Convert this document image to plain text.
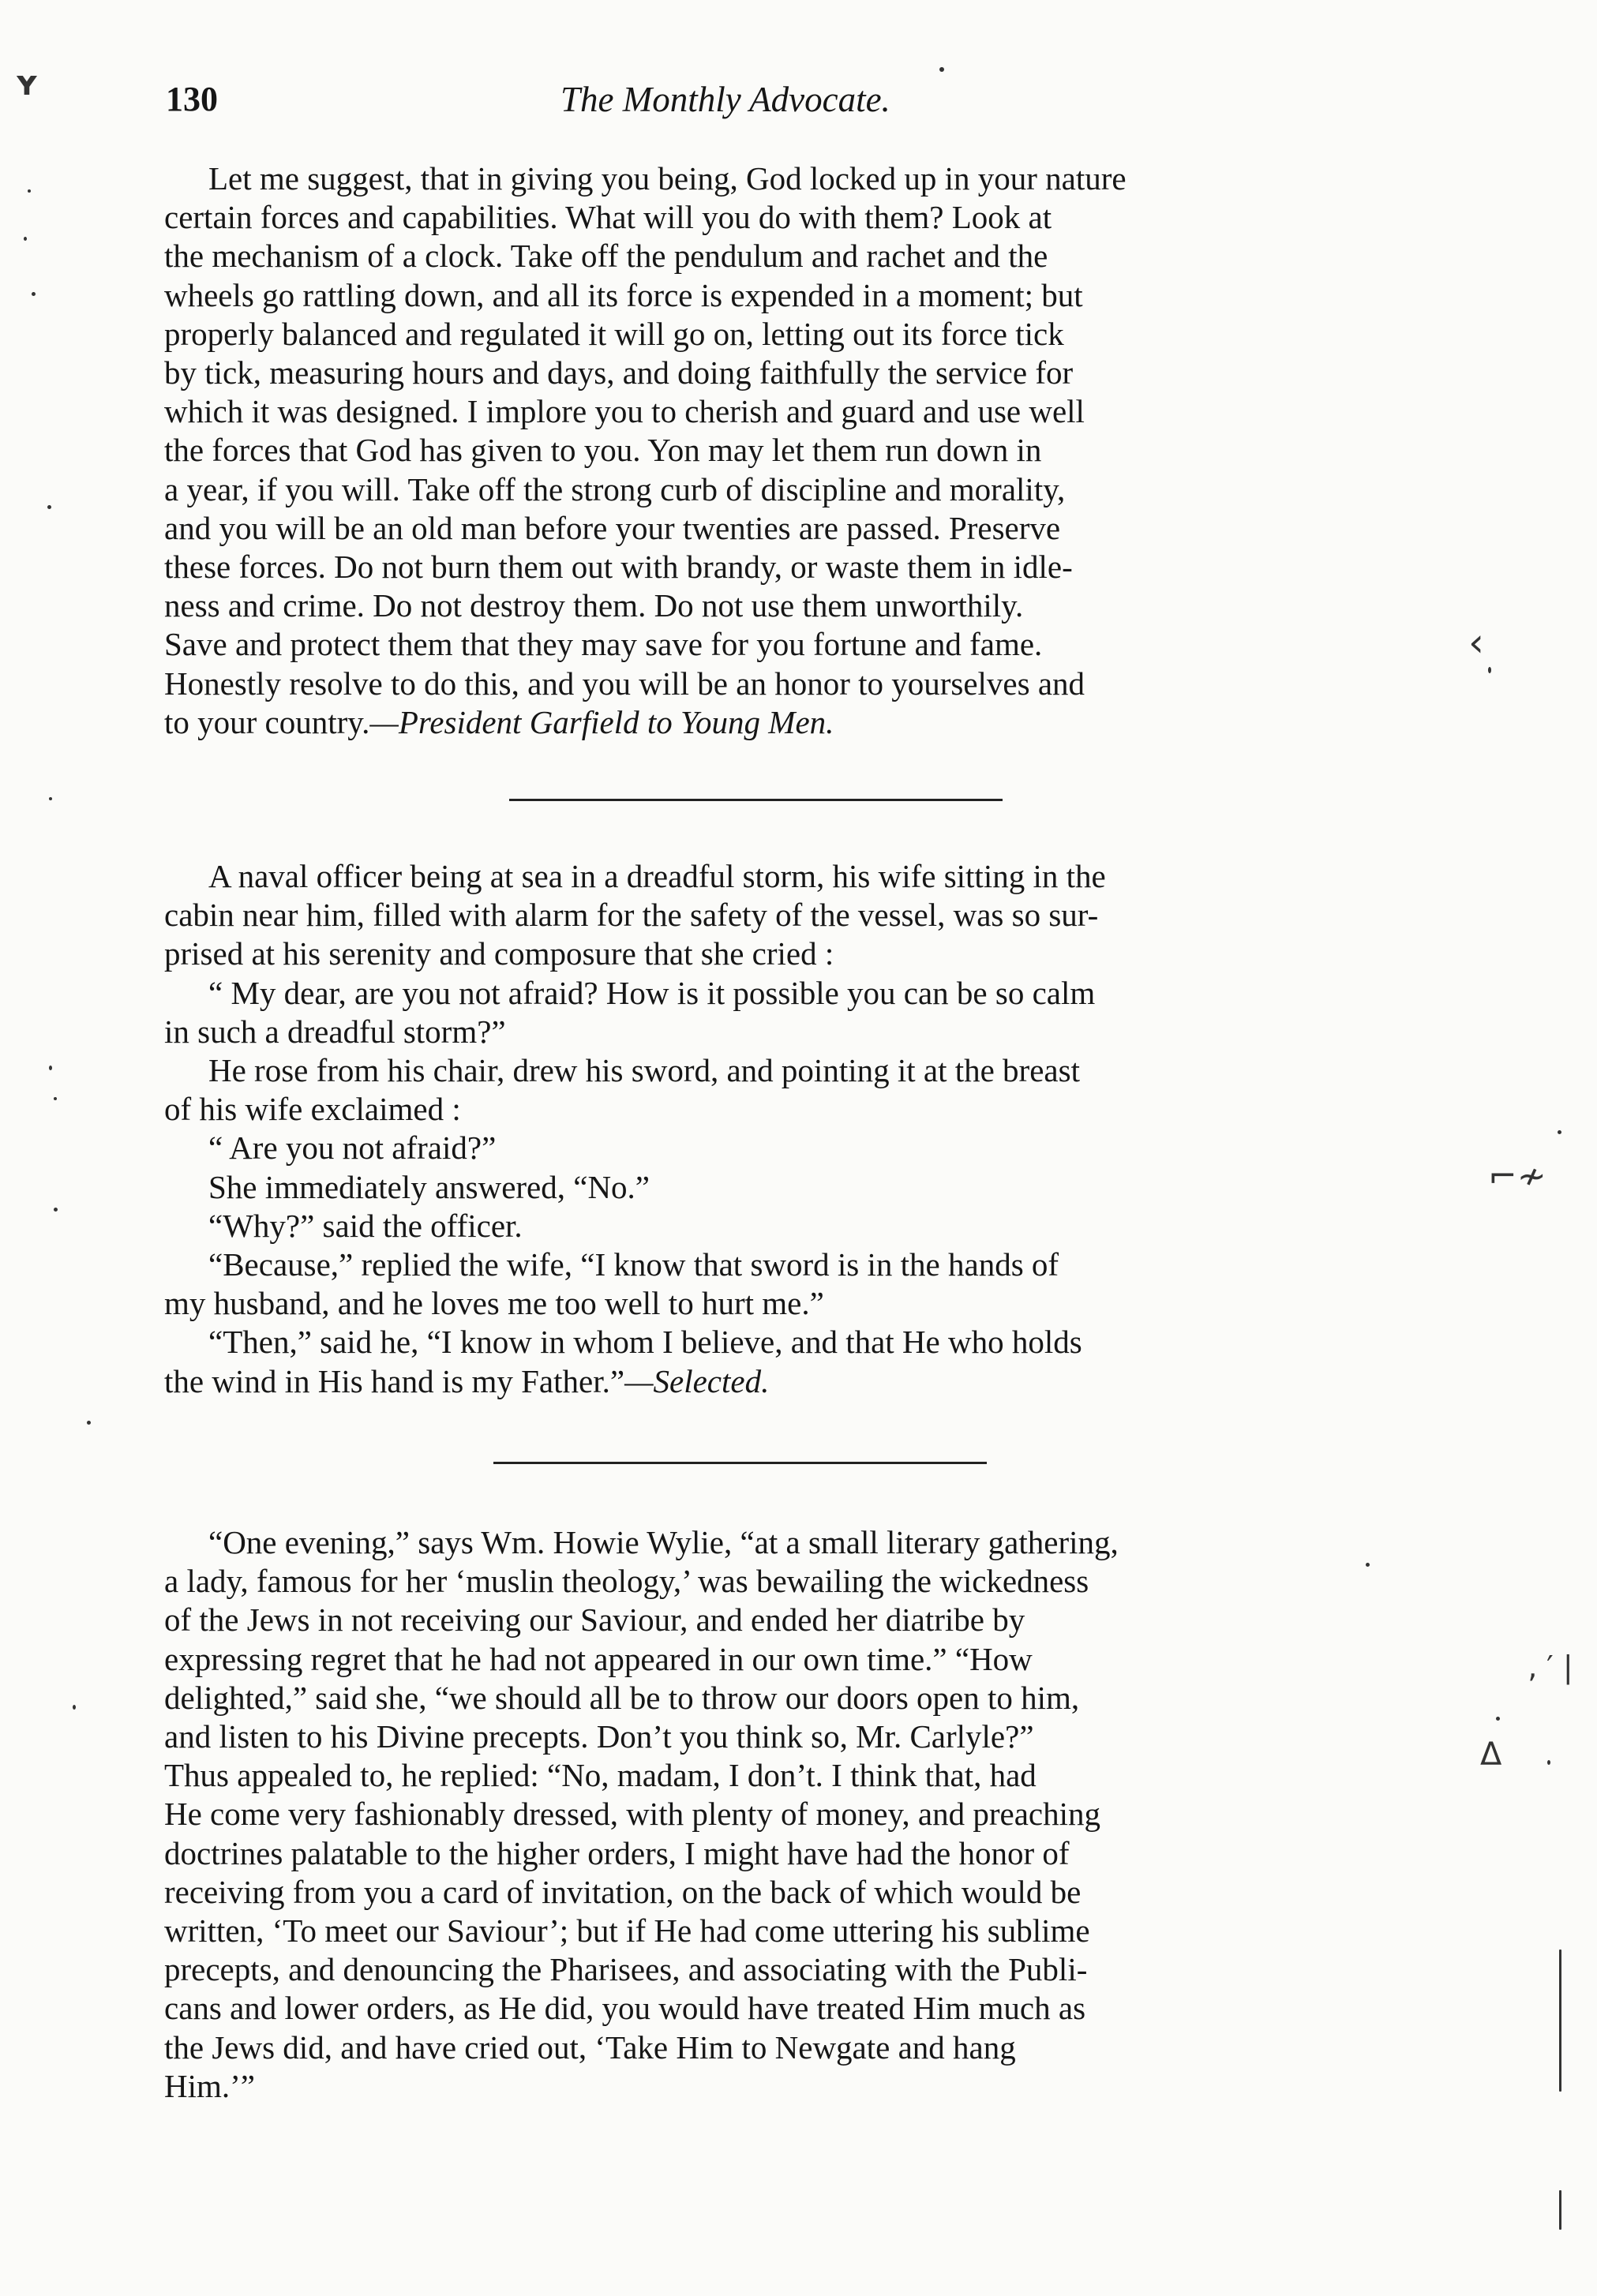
130	The Monthly Advocate.

Let me suggest, that in giving you being, God locked up in your nature

certain forces and capabilities. What will you do with them? Look at

the mechanism of a clock. Take off the pendulum and rachet and the

wheels go rattling down, and all its force is expended in a moment; but

properly balanced and regulated it will go on, letting out its force tick

by tick, measuring hours and days, and doing faithfully the service for

which it was designed. I implore you to cherish and guard and use well

the forces that God has given to you. Yon may let them run down in

a year, if you will. Take off the strong curb of discipline and morality,

and you will be an old man before your twenties are passed. Preserve

these forces. Do not burn them out with brandy, or waste them in idle-

ness and crime. Do not destroy them. Do not use them unworthily.

Save and protect them that they may save for you fortune and fame.

Honestly resolve to do this, and you will be an honor to yourselves and

to your country.—President Garfield to Young Men.

A naval officer being at sea in a dreadful storm, his wife sitting in the

cabin near him, filled with alarm for the safety of the vessel, was so sur-

prised at his serenity and composure that she cried :

“ My dear, are you not afraid? How is it possible you can be so calm

in such a dreadful storm?”

He rose from his chair, drew his sword, and pointing it at the breast

of his wife exclaimed :

“ Are you not afraid?”

She immediately answered, “No.”

“Why?” said the officer.

“Because,” replied the wife, “I know that sword is in the hands of

my husband, and he loves me too well to hurt me.”

“Then,” said he, “I know in whom I believe, and that He who holds

the wind in His hand is my Father.”—Selected.

“One evening,” says Wm. Howie Wylie, “at a small literary gathering,

a lady, famous for her ‘muslin theology,’ was bewailing the wickedness

of the Jews in not receiving our Saviour, and ended her diatribe by

expressing regret that he had not appeared in our own time.” “How

delighted,” said she, “we should all be to throw our doors open to him,

and listen to his Divine precepts. Don’t you think so, Mr. Carlyle?”

Thus appealed to, he replied: “No, madam, I don’t. I think that, had

He come very fashionably dressed, with plenty of money, and preaching

doctrines palatable to the higher orders, I might have had the honor of

receiving from you a card of invitation, on the back of which would be

written, ‘To meet our Saviour’; but if He had come uttering his sublime

precepts, and denouncing the Pharisees, and associating with the Publi-

cans and lower orders, as He did, you would have treated Him much as

the Jews did, and have cried out, ‘Take Him to Newgate and hang

Him.’”

ʏ
‹
⌐≁
‚ ′ |
ᐃ
